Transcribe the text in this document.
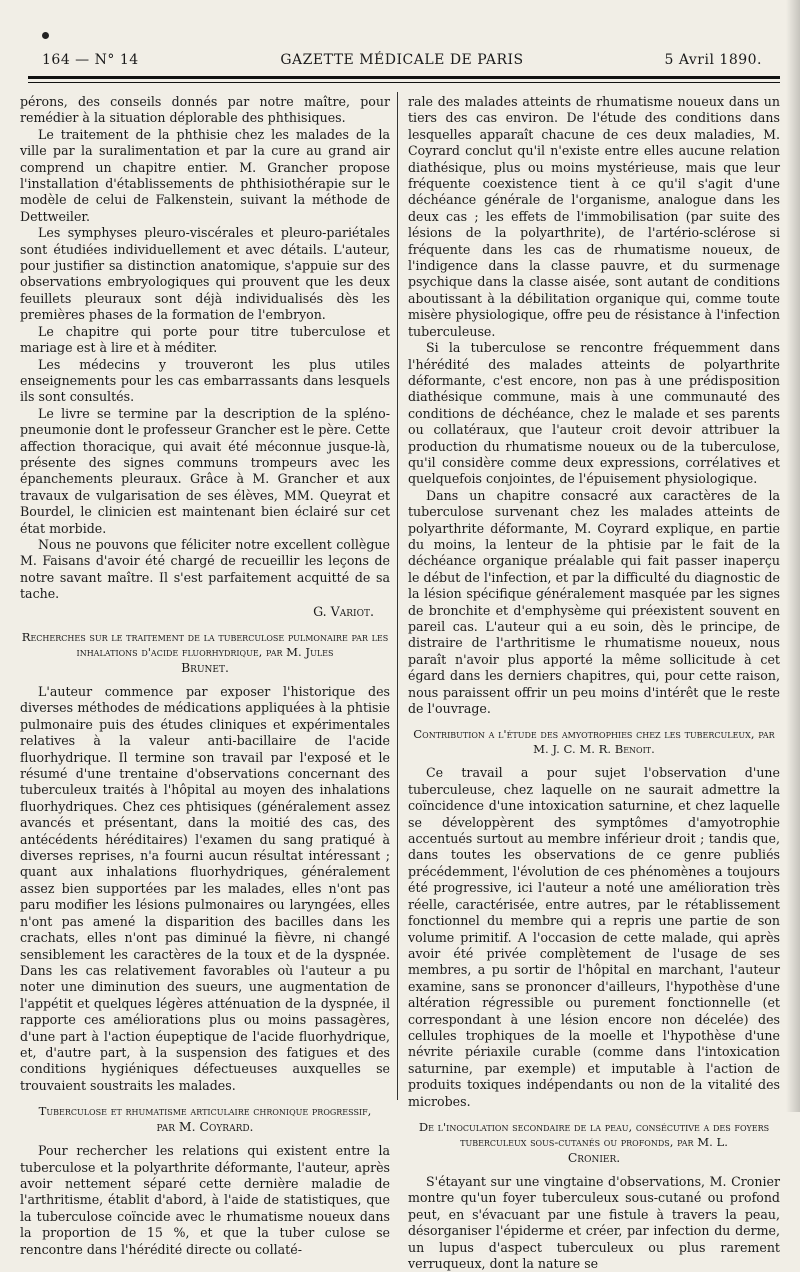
164 — N° 14	GAZETTE MÉDICALE DE PARIS	5 Avril 1890.

pérons, des conseils donnés par notre maître, pour remédier à la situation déplorable des phthisiques.

Le traitement de la phthisie chez les malades de la ville par la suralimentation et par la cure au grand air comprend un chapitre entier. M. Grancher propose l'installation d'établissements de phthisiothérapie sur le modèle de celui de Falkenstein, suivant la méthode de Dettweiler.

Les symphyses pleuro-viscérales et pleuro-pariétales sont étudiées individuellement et avec détails. L'auteur, pour justifier sa distinction anatomique, s'appuie sur des observations embryologiques qui prouvent que les deux feuillets pleuraux sont déjà individualisés dès les premières phases de la formation de l'embryon.

Le chapitre qui porte pour titre tuberculose et mariage est à lire et à méditer.

Les médecins y trouveront les plus utiles enseignements pour les cas embarrassants dans lesquels ils sont consultés.

Le livre se termine par la description de la spléno-pneumonie dont le professeur Grancher est le père. Cette affection thoracique, qui avait été méconnue jusque-là, présente des signes communs trompeurs avec les épanchements pleuraux. Grâce à M. Grancher et aux travaux de vulgarisation de ses élèves, MM. Queyrat et Bourdel, le clinicien est maintenant bien éclairé sur cet état morbide.

Nous ne pouvons que féliciter notre excellent collègue M. Faisans d'avoir été chargé de recueillir les leçons de notre savant maître. Il s'est parfaitement acquitté de sa tache.

G. Variot.
Recherches sur le traitement de la tuberculose pulmonaire par les inhalations d'acide fluorhydrique, par M. Jules
Brunet.

L'auteur commence par exposer l'historique des diverses méthodes de médications appliquées à la phtisie pulmonaire puis des études cliniques et expérimentales relatives à la valeur anti-bacillaire de l'acide fluorhydrique. Il termine son travail par l'exposé et le résumé d'une trentaine d'observations concernant des tuberculeux traités à l'hôpital au moyen des inhalations fluorhydriques. Chez ces phtisiques (généralement assez avancés et présentant, dans la moitié des cas, des antécédents héréditaires) l'examen du sang pratiqué à diverses reprises, n'a fourni aucun résultat intéressant ; quant aux inhalations fluorhydriques, généralement assez bien supportées par les malades, elles n'ont pas paru modifier les lésions pulmonaires ou laryngées, elles n'ont pas amené la disparition des bacilles dans les crachats, elles n'ont pas diminué la fièvre, ni changé sensiblement les caractères de la toux et de la dyspnée. Dans les cas relativement favorables où l'auteur a pu noter une diminution des sueurs, une augmentation de l'appétit et quelques légères atténuation de la dyspnée, il rapporte ces améliorations plus ou moins passagères, d'une part à l'action éupeptique de l'acide fluorhydrique, et, d'autre part, à la suspension des fatigues et des conditions hygiéniques défectueuses auxquelles se trouvaient soustraits les malades.

Tuberculose et rhumatisme articulaire chronique progressif,
par M. Coyrard.

Pour rechercher les relations qui existent entre la tuberculose et la polyarthrite déformante, l'auteur, après avoir nettement séparé cette dernière maladie de l'arthritisme, établit d'abord, à l'aide de statistiques, que la tuberculose coïncide avec le rhumatisme noueux dans la proportion de 15 %, et que la tuber culose se rencontre dans l'hérédité directe ou collaté-

rale des malades atteints de rhumatisme noueux dans un tiers des cas environ. De l'étude des conditions dans lesquelles apparaît chacune de ces deux maladies, M. Coyrard conclut qu'il n'existe entre elles aucune relation diathésique, plus ou moins mystérieuse, mais que leur fréquente coexistence tient à ce qu'il s'agit d'une déchéance générale de l'organisme, analogue dans les deux cas ; les effets de l'immobilisation (par suite des lésions de la polyarthrite), de l'artério-sclérose si fréquente dans les cas de rhumatisme noueux, de l'indigence dans la classe pauvre, et du surmenage psychique dans la classe aisée, sont autant de conditions aboutissant à la débilitation organique qui, comme toute misère physiologique, offre peu de résistance à l'infection tuberculeuse.

Si la tuberculose se rencontre fréquemment dans l'hérédité des malades atteints de polyarthrite déformante, c'est encore, non pas à une prédisposition diathésique commune, mais à une communauté des conditions de déchéance, chez le malade et ses parents ou collatéraux, que l'auteur croit devoir attribuer la production du rhumatisme noueux ou de la tuberculose, qu'il considère comme deux expressions, corrélatives et quelquefois conjointes, de l'épuisement physiologique.

Dans un chapitre consacré aux caractères de la tuberculose survenant chez les malades atteints de polyarthrite déformante, M. Coyrard explique, en partie du moins, la lenteur de la phtisie par le fait de la déchéance organique préalable qui fait passer inaperçu le début de l'infection, et par la difficulté du diagnostic de la lésion spécifique généralement masquée par les signes de bronchite et d'emphysème qui préexistent souvent en pareil cas. L'auteur qui a eu soin, dès le principe, de distraire de l'arthritisme le rhumatisme noueux, nous paraît n'avoir plus apporté la même sollicitude à cet égard dans les derniers chapitres, qui, pour cette raison, nous paraissent offrir un peu moins d'intérêt que le reste de l'ouvrage.

Contribution a l'étude des amyotrophies chez les tuberculeux, par M. J. C. M. R. Benoit.

Ce travail a pour sujet l'observation d'une tuberculeuse, chez laquelle on ne saurait admettre la coïncidence d'une intoxication saturnine, et chez laquelle se développèrent des symptômes d'amyotrophie accentués surtout au membre inférieur droit ; tandis que, dans toutes les observations de ce genre publiés précédemment, l'évolution de ces phénomènes a toujours été progressive, ici l'auteur a noté une amélioration très réelle, caractérisée, entre autres, par le rétablissement fonctionnel du membre qui a repris une partie de son volume primitif. A l'occasion de cette malade, qui après avoir été privée complètement de l'usage de ses membres, a pu sortir de l'hôpital en marchant, l'auteur examine, sans se prononcer d'ailleurs, l'hypothèse d'une altération régressible ou purement fonctionnelle (et correspondant à une lésion encore non décelée) des cellules trophiques de la moelle et l'hypothèse d'une névrite périaxile curable (comme dans l'intoxication saturnine, par exemple) et imputable à l'action de produits toxiques indépendants ou non de la vitalité des microbes.

De l'inoculation secondaire de la peau, consécutive a des foyers tuberculeux sous-cutanés ou profonds, par M. L.
Cronier.

S'étayant sur une vingtaine d'observations, M. Cronier montre qu'un foyer tuberculeux sous-cutané ou profond peut, en s'évacuant par une fistule à travers la peau, désorganiser l'épiderme et créer, par infection du derme, un lupus d'aspect tuberculeux ou plus rarement verruqueux, dont la nature se
